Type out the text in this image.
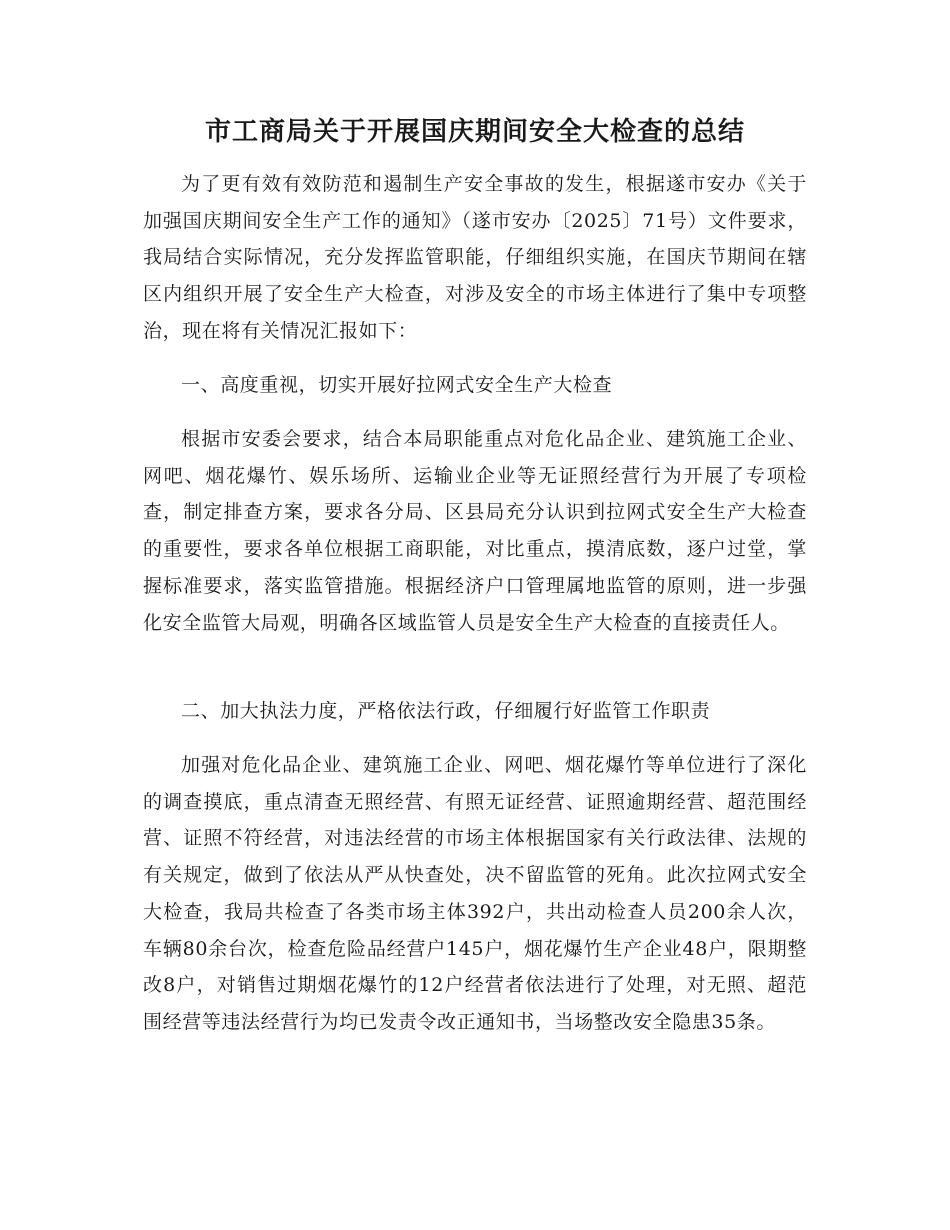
市工商局关于开展国庆期间安全大检查的总结

为了更有效有效防范和遏制生产安全事故的发生，根据遂市安办《关于加强国庆期间安全生产工作的通知》（遂市安办〔2025〕71号）文件要求，我局结合实际情况，充分发挥监管职能，仔细组织实施，在国庆节期间在辖区内组织开展了安全生产大检查，对涉及安全的市场主体进行了集中专项整治，现在将有关情况汇报如下：

一、高度重视，切实开展好拉网式安全生产大检查

根据市安委会要求，结合本局职能重点对危化品企业、建筑施工企业、网吧、烟花爆竹、娱乐场所、运输业企业等无证照经营行为开展了专项检查，制定排查方案，要求各分局、区县局充分认识到拉网式安全生产大检查的重要性，要求各单位根据工商职能，对比重点，摸清底数，逐户过堂，掌握标准要求，落实监管措施。根据经济户口管理属地监管的原则，进一步强化安全监管大局观，明确各区域监管人员是安全生产大检查的直接责任人。

二、加大执法力度，严格依法行政，仔细履行好监管工作职责

加强对危化品企业、建筑施工企业、网吧、烟花爆竹等单位进行了深化的调查摸底，重点清查无照经营、有照无证经营、证照逾期经营、超范围经营、证照不符经营，对违法经营的市场主体根据国家有关行政法律、法规的有关规定，做到了依法从严从快查处，决不留监管的死角。此次拉网式安全大检查，我局共检查了各类市场主体392户，共出动检查人员200余人次，车辆80余台次，检查危险品经营户145户，烟花爆竹生产企业48户，限期整改8户，对销售过期烟花爆竹的12户经营者依法进行了处理，对无照、超范围经营等违法经营行为均已发责令改正通知书，当场整改安全隐患35条。
